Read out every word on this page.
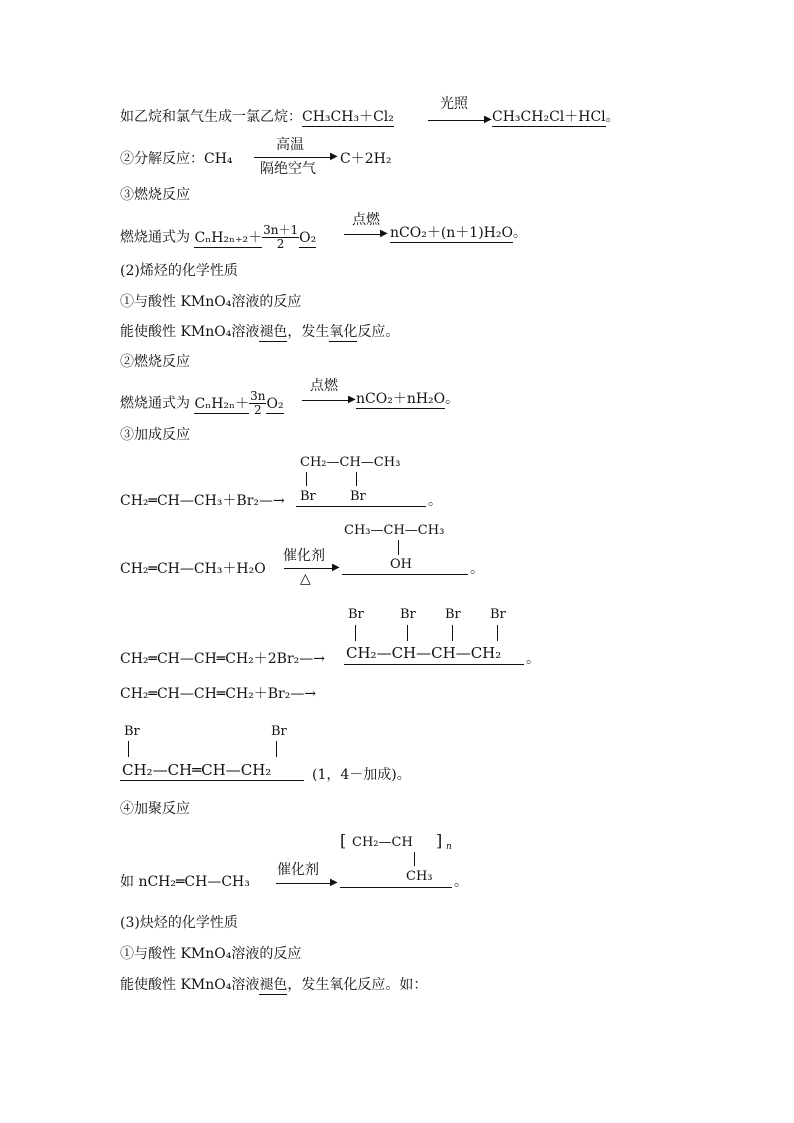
如乙烷和氯气生成一氯乙烷：CH₃CH₃＋Cl₂
光照
▶ CH₃CH₂Cl＋HCl。
②分解反应：CH₄
高温
▶
隔绝空气
C＋2H₂
③燃烧反应
燃烧通式为 $C_nH_{2n+2}+ \frac{3n+1}{2} O_2$
点燃
▶ nCO₂＋(n＋1)H₂O。
(2)烯烃的化学性质
①与酸性 KMnO₄溶液的反应
能使酸性 KMnO₄溶液褪色，发生氧化反应。
②燃烧反应
燃烧通式为 $C_nH_{2n}+ \frac{3n}{2} O_2$
点燃
▶ nCO₂＋nH₂O。
③加成反应
CH₂—CH—CH₃
Br	Br
CH₂═CH—CH₃＋Br₂—→	。
CH₃—CH—CH₃
OH
CH₂═CH—CH₃＋H₂O
催化剂
▶
△
。
Br	Br Br Br
CH₂—CH—CH—CH₂
CH₂═CH—CH═CH₂＋2Br₂—→	。
CH₂═CH—CH═CH₂＋Br₂—→
Br	Br
CH₂—CH═CH—CH₂	(1，4－加成)。
④加聚反应
[ CH₂—CH ] n
CH₃
如 nCH₂═CH—CH₃
催化剂
▶	。
(3)炔烃的化学性质
①与酸性 KMnO₄溶液的反应
能使酸性 KMnO₄溶液褪色，发生氧化反应。如：
